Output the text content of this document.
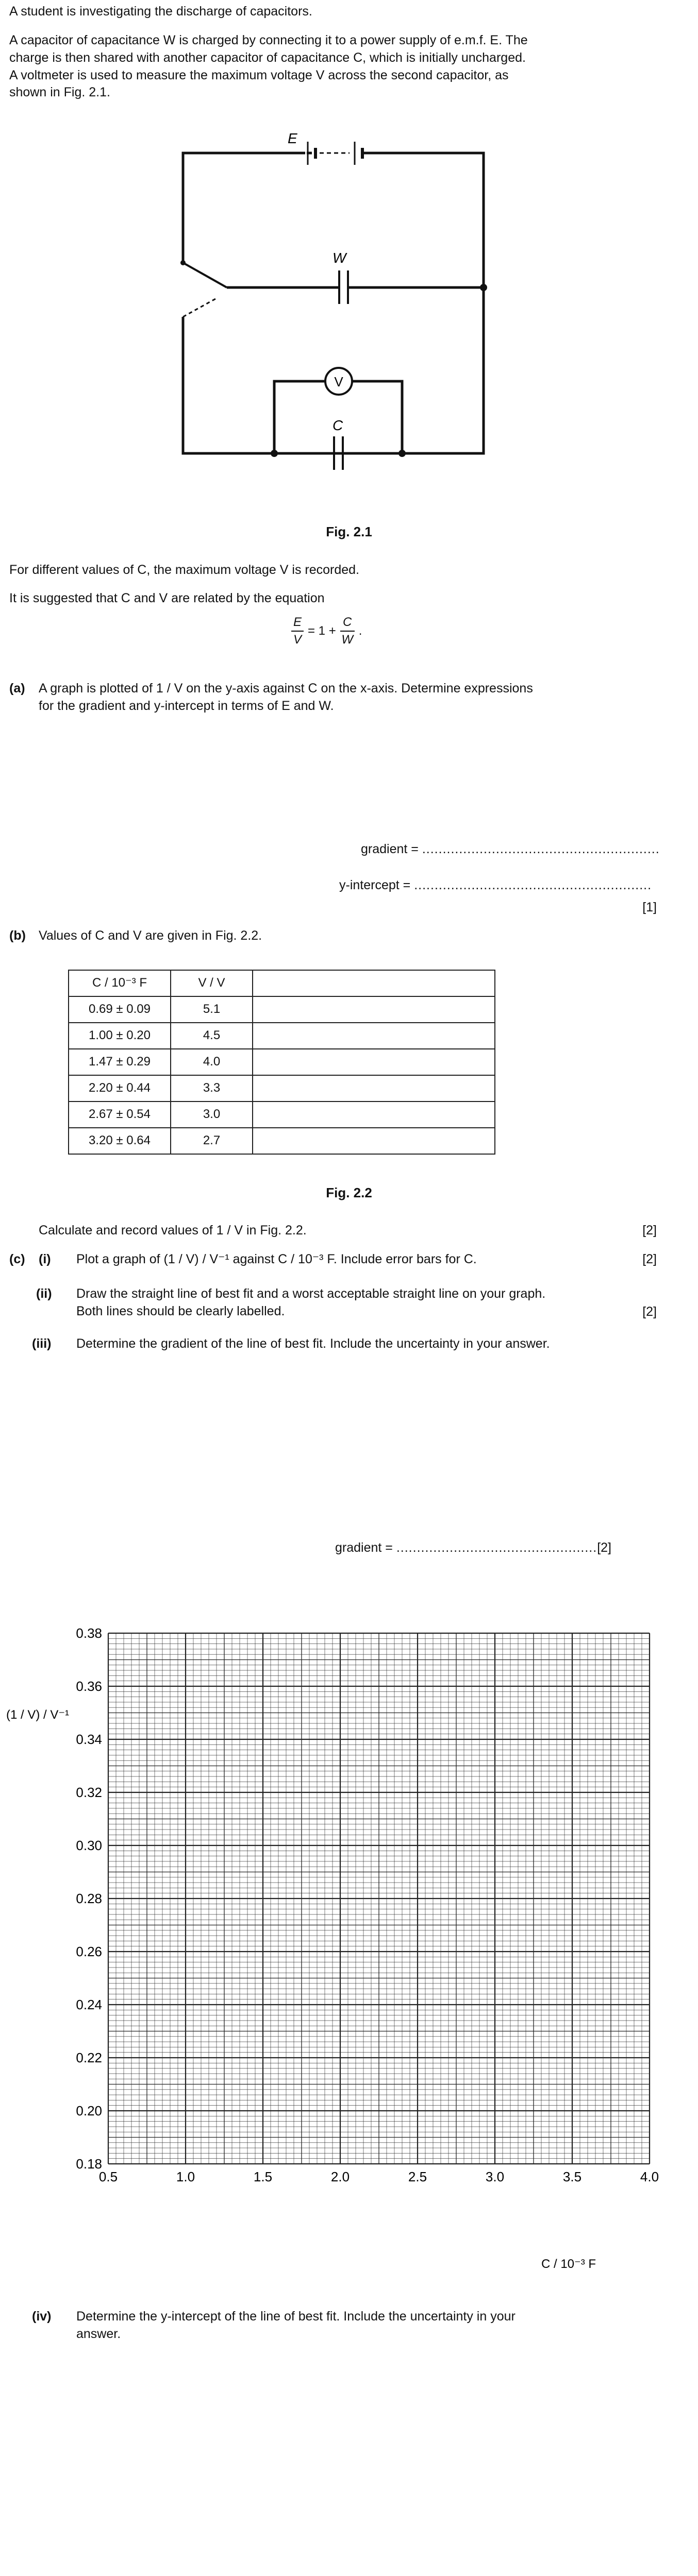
A student is investigating the discharge of capacitors.

A capacitor of capacitance W is charged by connecting it to a power supply of e.m.f. E. The

charge is then shared with another capacitor of capacitance C, which is initially uncharged.

A voltmeter is used to measure the maximum voltage V across the second capacitor, as

shown in Fig. 2.1.

E
W
C
V

Fig. 2.1

For different values of C, the maximum voltage V is recorded.

It is suggested that C and V are related by the equation

E
V
= 1 +
C
W
.
(a) A graph is plotted of 1 / V on the y-axis against C on the x-axis. Determine expressions

for the gradient and y-intercept in terms of E and W.

gradient = ..........................................................
y-intercept = ..........................................................
[1]
(b) Values of C and V are given in Fig. 2.2.

C / 10⁻³ F	V / V	
0.69 ± 0.09	5.1	
1.00 ± 0.20	4.5	
1.47 ± 0.29	4.0	
2.20 ± 0.44	3.3	
2.67 ± 0.54	3.0	
3.20 ± 0.64	2.7	

Fig. 2.2

Calculate and record values of 1 / V in Fig. 2.2.	[2]
(c) (i) Plot a graph of (1 / V) / V⁻¹ against C / 10⁻³ F. Include error bars for C.	[2]
(ii) Draw the straight line of best fit and a worst acceptable straight line on your graph.

Both lines should be clearly labelled.	[2]
(iii) Determine the gradient of the line of best fit. Include the uncertainty in your answer.

gradient = .................................................[2]
0.5	1.0	1.5	2.0	2.5	3.0	3.5	4.0
0.18
0.20
0.22
0.24
0.26
0.28
0.30
0.32
0.34
0.36
0.38
(1 / V) / V⁻¹
C / 10⁻³ F
(iv) Determine the y-intercept of the line of best fit. Include the uncertainty in your

answer.
